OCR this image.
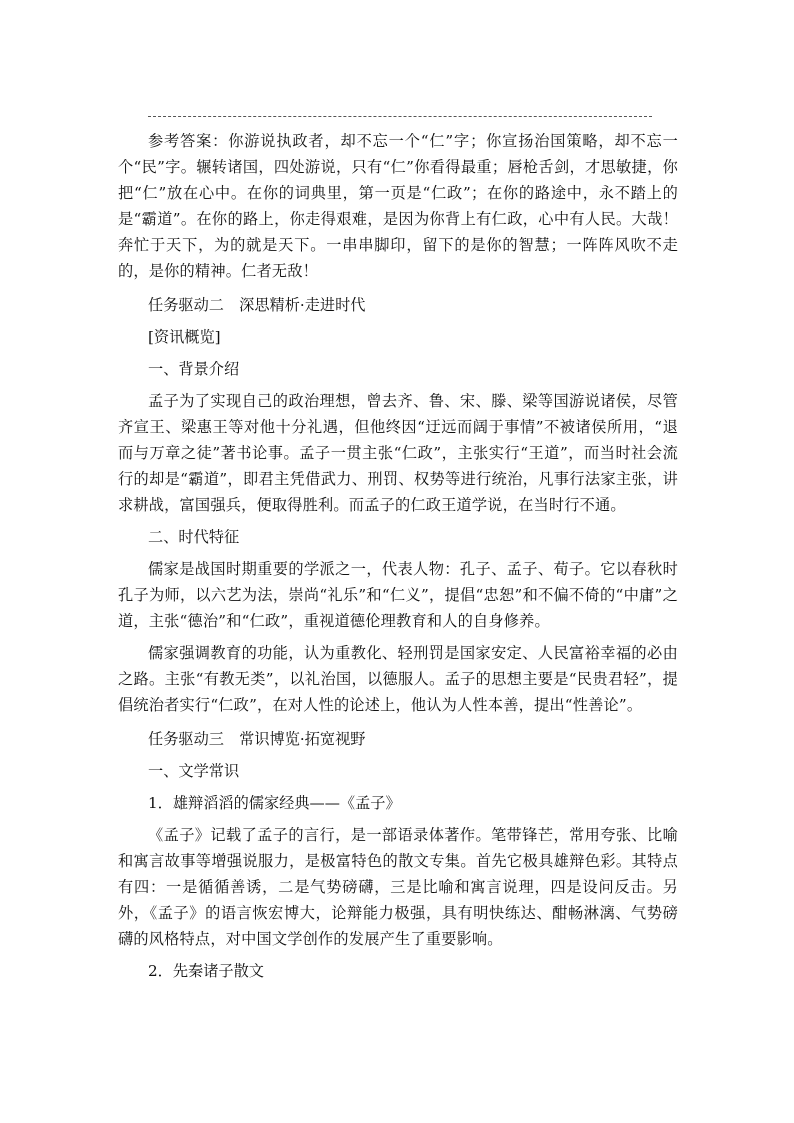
参考答案：你游说执政者，却不忘一个“仁”字；你宣扬治国策略，却不忘一个“民”字。辗转诸国，四处游说，只有“仁”你看得最重；唇枪舌剑，才思敏捷，你把“仁”放在心中。在你的词典里，第一页是“仁政”；在你的路途中，永不踏上的是“霸道”。在你的路上，你走得艰难，是因为你背上有仁政，心中有人民。大哉！奔忙于天下，为的就是天下。一串串脚印，留下的是你的智慧；一阵阵风吹不走的，是你的精神。仁者无敌！

任务驱动二　深思精析·走进时代

[资讯概览]

一、背景介绍

孟子为了实现自己的政治理想，曾去齐、鲁、宋、滕、梁等国游说诸侯，尽管齐宣王、梁惠王等对他十分礼遇，但他终因“迂远而阔于事情”不被诸侯所用，“退而与万章之徒”著书论事。孟子一贯主张“仁政”，主张实行“王道”，而当时社会流行的却是“霸道”，即君主凭借武力、刑罚、权势等进行统治，凡事行法家主张，讲求耕战，富国强兵，便取得胜利。而孟子的仁政王道学说，在当时行不通。

二、时代特征

儒家是战国时期重要的学派之一，代表人物：孔子、孟子、荀子。它以春秋时孔子为师，以六艺为法，崇尚“礼乐”和“仁义”，提倡“忠恕”和不偏不倚的“中庸”之道，主张“德治”和“仁政”，重视道德伦理教育和人的自身修养。

儒家强调教育的功能，认为重教化、轻刑罚是国家安定、人民富裕幸福的必由之路。主张“有教无类”，以礼治国，以德服人。孟子的思想主要是“民贵君轻”，提倡统治者实行“仁政”，在对人性的论述上，他认为人性本善，提出“性善论”。

任务驱动三　常识博览·拓宽视野

一、文学常识

1．雄辩滔滔的儒家经典——《孟子》

《孟子》记载了孟子的言行，是一部语录体著作。笔带锋芒，常用夸张、比喻和寓言故事等增强说服力，是极富特色的散文专集。首先它极具雄辩色彩。其特点有四：一是循循善诱，二是气势磅礴，三是比喻和寓言说理，四是设问反击。另外，《孟子》的语言恢宏博大，论辩能力极强，具有明快练达、酣畅淋漓、气势磅礴的风格特点，对中国文学创作的发展产生了重要影响。

2．先秦诸子散文
